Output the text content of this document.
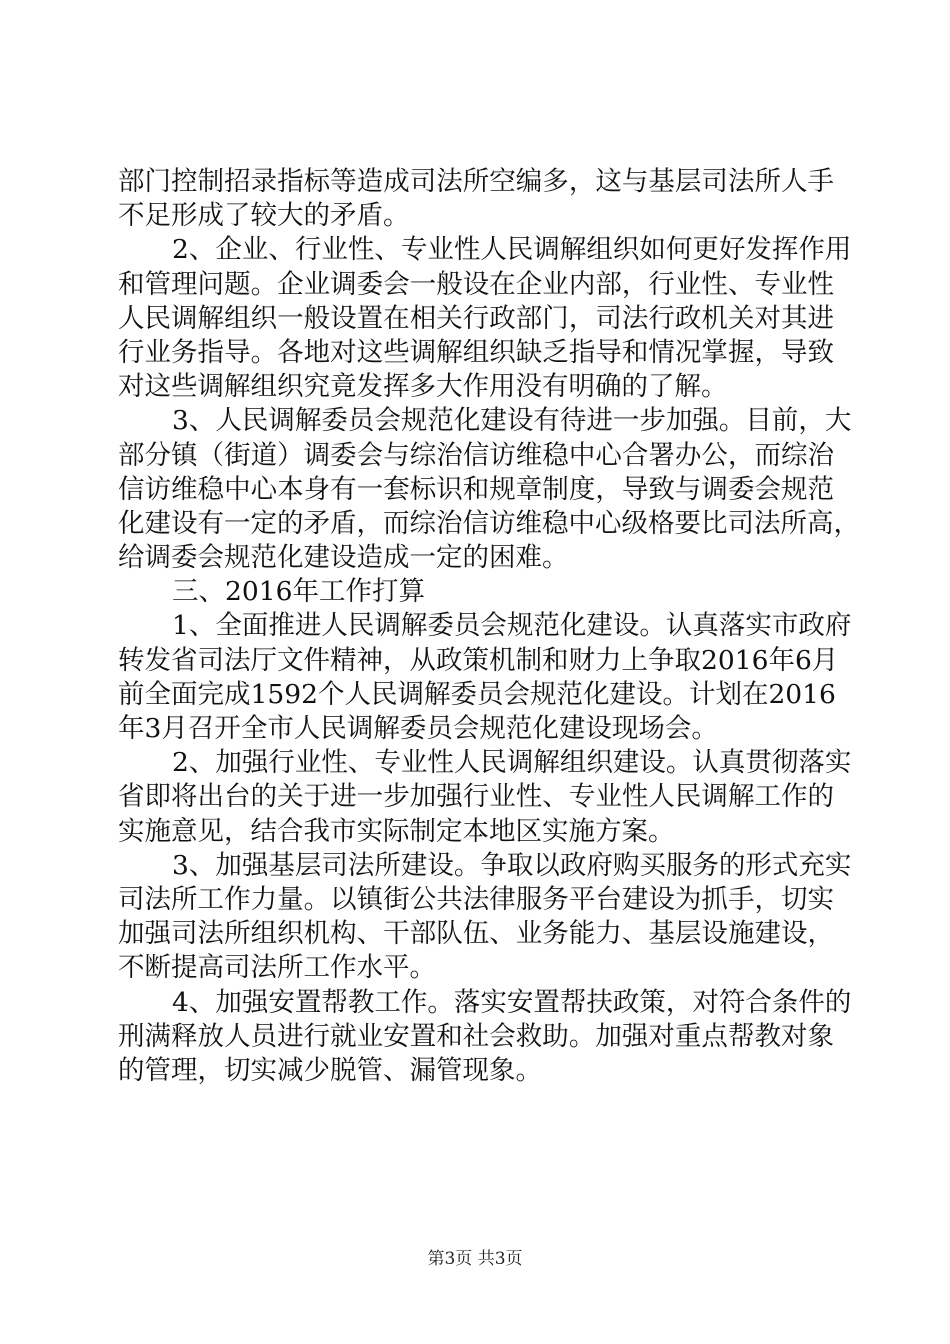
部门控制招录指标等造成司法所空编多，这与基层司法所人手
不足形成了较大的矛盾。
2、企业、行业性、专业性人民调解组织如何更好发挥作用
和管理问题。企业调委会一般设在企业内部，行业性、专业性
人民调解组织一般设置在相关行政部门，司法行政机关对其进
行业务指导。各地对这些调解组织缺乏指导和情况掌握，导致
对这些调解组织究竟发挥多大作用没有明确的了解。
3、人民调解委员会规范化建设有待进一步加强。目前，大
部分镇（街道）调委会与综治信访维稳中心合署办公，而综治
信访维稳中心本身有一套标识和规章制度，导致与调委会规范
化建设有一定的矛盾，而综治信访维稳中心级格要比司法所高，
给调委会规范化建设造成一定的困难。
三、2016年工作打算
1、全面推进人民调解委员会规范化建设。认真落实市政府
转发省司法厅文件精神，从政策机制和财力上争取2016年6月
前全面完成1592个人民调解委员会规范化建设。计划在2016
年3月召开全市人民调解委员会规范化建设现场会。
2、加强行业性、专业性人民调解组织建设。认真贯彻落实
省即将出台的关于进一步加强行业性、专业性人民调解工作的
实施意见，结合我市实际制定本地区实施方案。
3、加强基层司法所建设。争取以政府购买服务的形式充实
司法所工作力量。以镇街公共法律服务平台建设为抓手，切实
加强司法所组织机构、干部队伍、业务能力、基层设施建设，
不断提高司法所工作水平。
4、加强安置帮教工作。落实安置帮扶政策，对符合条件的
刑满释放人员进行就业安置和社会救助。加强对重点帮教对象
的管理，切实减少脱管、漏管现象。
第3页 共3页
